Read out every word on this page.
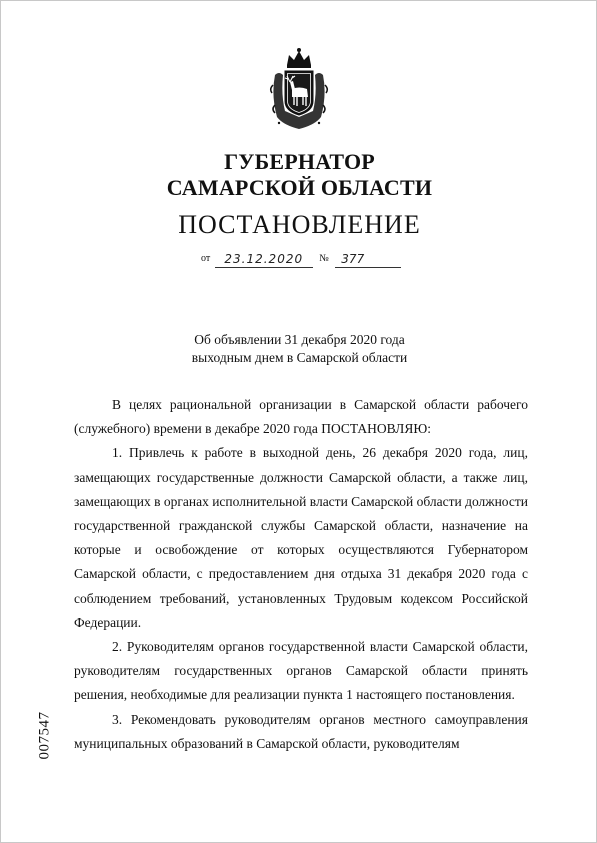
ГУБЕРНАТОР
САМАРСКОЙ ОБЛАСТИ
ПОСТАНОВЛЕНИЕ
от 23.12.2020 № 377
Об объявлении 31 декабря 2020 года
выходным днем в Самарской области

В целях рациональной организации в Самарской области рабочего (служебного) времени в декабре 2020 года ПОСТАНОВЛЯЮ:

1. Привлечь к работе в выходной день, 26 декабря 2020 года, лиц, замещающих государственные должности Самарской области, а также лиц, замещающих в органах исполнительной власти Самарской области должности государственной гражданской службы Самарской области, назначение на которые и освобождение от которых осуществляются Губернатором Самарской области, с предоставлением дня отдыха 31 декабря 2020 года с соблюдением требований, установленных Трудовым кодексом Российской Федерации.

2. Руководителям органов государственной власти Самарской области, руководителям государственных органов Самарской области принять решения, необходимые для реализации пункта 1 настоящего постановления.

3. Рекомендовать руководителям органов местного самоуправления муниципальных образований в Самарской области, руководителям

007547
